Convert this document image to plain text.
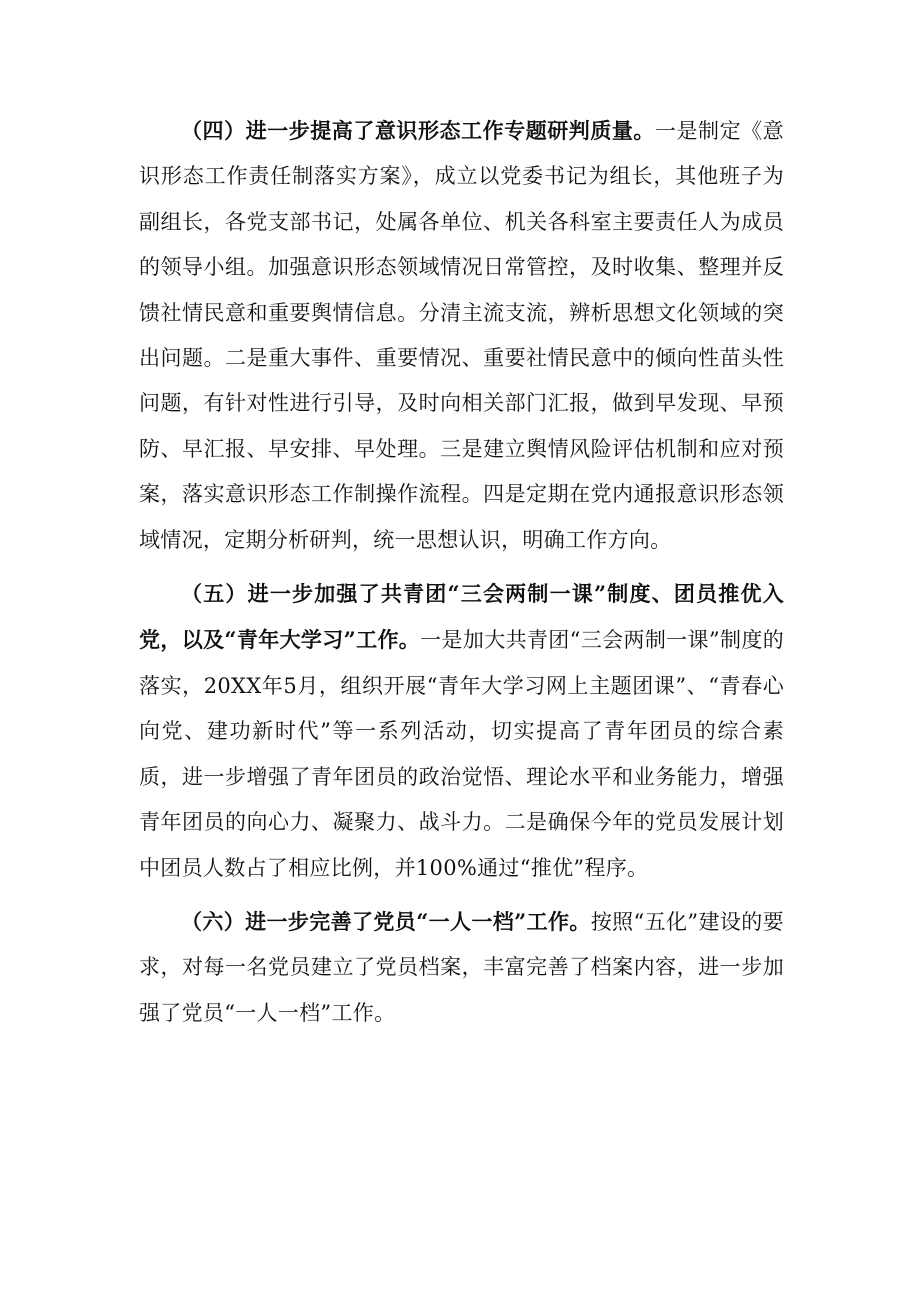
（四）进一步提高了意识形态工作专题研判质量。一是制定《意识形态工作责任制落实方案》，成立以党委书记为组长，其他班子为副组长，各党支部书记，处属各单位、机关各科室主要责任人为成员的领导小组。加强意识形态领域情况日常管控，及时收集、整理并反馈社情民意和重要舆情信息。分清主流支流，辨析思想文化领域的突出问题。二是重大事件、重要情况、重要社情民意中的倾向性苗头性问题，有针对性进行引导，及时向相关部门汇报，做到早发现、早预防、早汇报、早安排、早处理。三是建立舆情风险评估机制和应对预案，落实意识形态工作制操作流程。四是定期在党内通报意识形态领域情况，定期分析研判，统一思想认识，明确工作方向。

（五）进一步加强了共青团“三会两制一课”制度、团员推优入党，以及“青年大学习”工作。一是加大共青团“三会两制一课”制度的落实，20XX年5月，组织开展“青年大学习网上主题团课”、“青春心向党、建功新时代”等一系列活动，切实提高了青年团员的综合素质，进一步增强了青年团员的政治觉悟、理论水平和业务能力，增强青年团员的向心力、凝聚力、战斗力。二是确保今年的党员发展计划中团员人数占了相应比例，并100%通过“推优”程序。

（六）进一步完善了党员“一人一档”工作。按照“五化”建设的要求，对每一名党员建立了党员档案，丰富完善了档案内容，进一步加强了党员“一人一档”工作。
